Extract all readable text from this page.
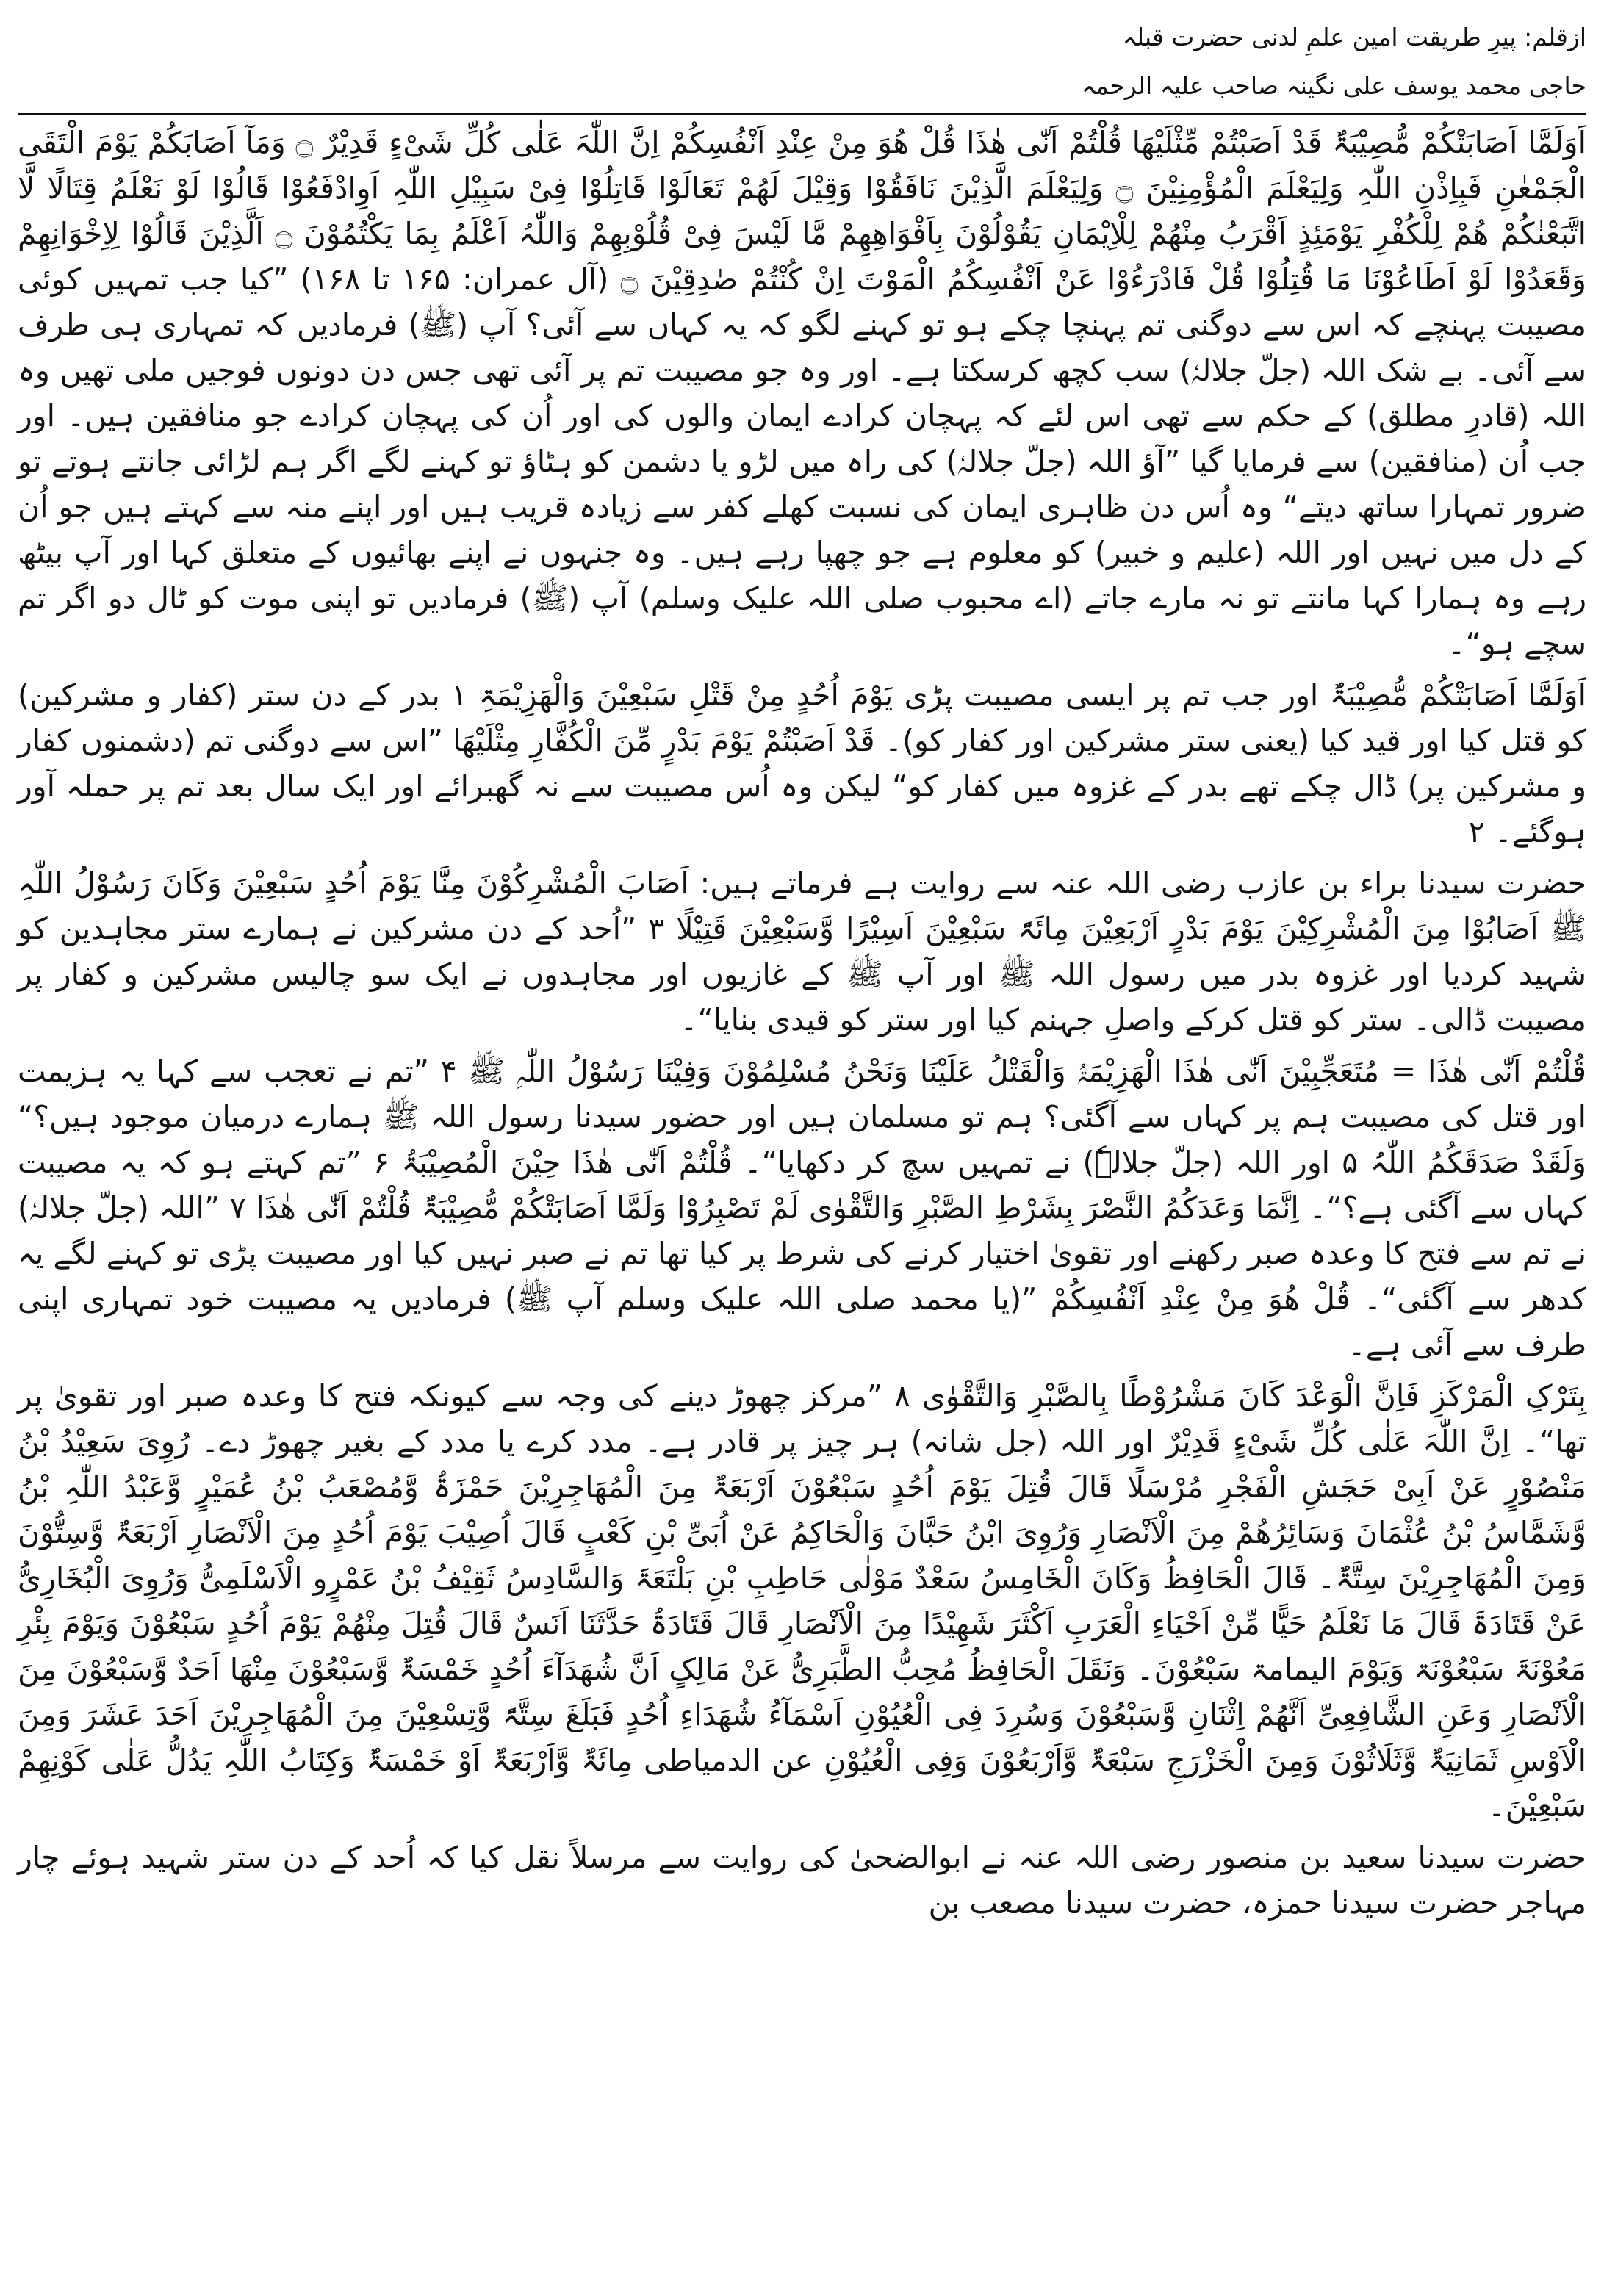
ازقلم: پیرِ طریقت امین علمِ لدنی حضرت قبلہ
حاجی محمد یوسف علی نگینہ صاحب علیہ الرحمہ

اَوَلَمَّا اَصَابَتْکُمْ مُّصِیْبَۃٌ قَدْ اَصَبْتُمْ مِّثْلَیْھَا قُلْتُمْ اَنّٰی ھٰذَا قُلْ ھُوَ مِنْ عِنْدِ اَنْفُسِکُمْ اِنَّ اللّٰہَ عَلٰی کُلِّ شَیْءٍ قَدِیْرٌ ۝ وَمَآ اَصَابَکُمْ یَوْمَ الْتَقَی الْجَمْعٰنِ فَبِاِذْنِ اللّٰہِ وَلِیَعْلَمَ الْمُؤْمِنِیْنَ ۝ وَلِیَعْلَمَ الَّذِیْنَ نَافَقُوْا وَقِیْلَ لَھُمْ تَعَالَوْا قَاتِلُوْا فِیْ سَبِیْلِ اللّٰہِ اَوِادْفَعُوْا قَالُوْا لَوْ نَعْلَمُ قِتَالًا لَّا اتَّبَعْنٰکُمْ ھُمْ لِلْکُفْرِ یَوْمَئِذٍ اَقْرَبُ مِنْھُمْ لِلْاِیْمَانِ یَقُوْلُوْنَ بِاَفْوَاھِھِمْ مَّا لَیْسَ فِیْ قُلُوْبِھِمْ وَاللّٰہُ اَعْلَمُ بِمَا یَکْتُمُوْنَ ۝ اَلَّذِیْنَ قَالُوْا لِاِخْوَانِھِمْ وَقَعَدُوْا لَوْ اَطَاعُوْنَا مَا قُتِلُوْا قُلْ فَادْرَءُوْا عَنْ اَنْفُسِکُمُ الْمَوْتَ اِنْ کُنْتُمْ صٰدِقِیْنَ ۝ (آل عمران: ۱۶۵ تا ۱۶۸) ”کیا جب تمہیں کوئی مصیبت پہنچے کہ اس سے دوگنی تم پہنچا چکے ہو تو کہنے لگو کہ یہ کہاں سے آئی؟ آپ (ﷺ) فرمادیں کہ تمہاری ہی طرف سے آئی۔ بے شک اللہ (جلّ جلالہٗ) سب کچھ کرسکتا ہے۔ اور وہ جو مصیبت تم پر آئی تھی جس دن دونوں فوجیں ملی تھیں وہ اللہ (قادرِ مطلق) کے حکم سے تھی اس لئے کہ پہچان کرادے ایمان والوں کی اور اُن کی پہچان کرادے جو منافقین ہیں۔ اور جب اُن (منافقین) سے فرمایا گیا ”آؤ اللہ (جلّ جلالہٗ) کی راہ میں لڑو یا دشمن کو ہٹاؤ تو کہنے لگے اگر ہم لڑائی جانتے ہوتے تو ضرور تمہارا ساتھ دیتے“ وہ اُس دن ظاہری ایمان کی نسبت کھلے کفر سے زیادہ قریب ہیں اور اپنے منہ سے کہتے ہیں جو اُن کے دل میں نہیں اور اللہ (علیم و خبیر) کو معلوم ہے جو چھپا رہے ہیں۔ وہ جنہوں نے اپنے بھائیوں کے متعلق کہا اور آپ بیٹھ رہے وہ ہمارا کہا مانتے تو نہ مارے جاتے (اے محبوب صلی اللہ علیک وسلم) آپ (ﷺ) فرمادیں تو اپنی موت کو ٹال دو اگر تم سچے ہو“۔

اَوَلَمَّا اَصَابَتْکُمْ مُّصِیْبَۃٌ اور جب تم پر ایسی مصیبت پڑی یَوْمَ اُحُدٍ مِنْ قَتْلِ سَبْعِیْنَ وَالْھَزِیْمَۃِ ۱ بدر کے دن ستر (کفار و مشرکین) کو قتل کیا اور قید کیا (یعنی ستر مشرکین اور کفار کو)۔ قَدْ اَصَبْتُمْ یَوْمَ بَدْرٍ مِّنَ الْکُفَّارِ مِثْلَیْھَا ”اس سے دوگنی تم (دشمنوں کفار و مشرکین پر) ڈال چکے تھے بدر کے غزوہ میں کفار کو“ لیکن وہ اُس مصیبت سے نہ گھبرائے اور ایک سال بعد تم پر حملہ آور ہوگئے۔ ۲

حضرت سیدنا براء بن عازب رضی اللہ عنہ سے روایت ہے فرماتے ہیں: اَصَابَ الْمُشْرِکُوْنَ مِنَّا یَوْمَ اُحُدٍ سَبْعِیْنَ وَکَانَ رَسُوْلُ اللّٰہِ ﷺ اَصَابُوْا مِنَ الْمُشْرِکِیْنَ یَوْمَ بَدْرٍ اَرْبَعِیْنَ مِائَۃً سَبْعِیْنَ اَسِیْرًا وَّسَبْعِیْنَ قَتِیْلًا ۳ ”اُحد کے دن مشرکین نے ہمارے ستر مجاہدین کو شہید کردیا اور غزوہ بدر میں رسول اللہ ﷺ اور آپ ﷺ کے غازیوں اور مجاہدوں نے ایک سو چالیس مشرکین و کفار پر مصیبت ڈالی۔ ستر کو قتل کرکے واصلِ جہنم کیا اور ستر کو قیدی بنایا“۔

قُلْتُمْ اَنّٰی ھٰذَا = مُتَعَجِّبِیْنَ اَنّٰی ھٰذَا الْھَزِیْمَۃُ وَالْقَتْلُ عَلَیْنَا وَنَحْنُ مُسْلِمُوْنَ وَفِیْنَا رَسُوْلُ اللّٰہِ ﷺ ۴ ”تم نے تعجب سے کہا یہ ہزیمت اور قتل کی مصیبت ہم پر کہاں سے آگئی؟ ہم تو مسلمان ہیں اور حضور سیدنا رسول اللہ ﷺ ہمارے درمیان موجود ہیں؟“ وَلَقَدْ صَدَقَکُمُ اللّٰہُ ۵ اور اللہ (جلّ جلالہٗ) نے تمہیں سچ کر دکھایا“۔ قُلْتُمْ اَنّٰی ھٰذَا حِیْنَ الْمُصِیْبَۃُ ۶ ”تم کہتے ہو کہ یہ مصیبت کہاں سے آگئی ہے؟“۔ اِنَّمَا وَعَدَکُمُ النَّصْرَ بِشَرْطِ الصَّبْرِ وَالتَّقْوٰی لَمْ تَصْبِرُوْا وَلَمَّا اَصَابَتْکُمْ مُّصِیْبَۃٌ قُلْتُمْ اَنّٰی ھٰذَا ۷ ”اللہ (جلّ جلالہٗ) نے تم سے فتح کا وعدہ صبر رکھنے اور تقویٰ اختیار کرنے کی شرط پر کیا تھا تم نے صبر نہیں کیا اور مصیبت پڑی تو کہنے لگے یہ کدھر سے آگئی“۔ قُلْ ھُوَ مِنْ عِنْدِ اَنْفُسِکُمْ ”(یا محمد صلی اللہ علیک وسلم آپ ﷺ) فرمادیں یہ مصیبت خود تمہاری اپنی طرف سے آئی ہے۔

بِتَرْکِ الْمَرْکَزِ فَاِنَّ الْوَعْدَ کَانَ مَشْرُوْطًا بِالصَّبْرِ وَالتَّقْوٰی ۸ ”مرکز چھوڑ دینے کی وجہ سے کیونکہ فتح کا وعدہ صبر اور تقویٰ پر تھا“۔ اِنَّ اللّٰہَ عَلٰی کُلِّ شَیْءٍ قَدِیْرٌ اور اللہ (جل شانہ) ہر چیز پر قادر ہے۔ مدد کرے یا مدد کے بغیر چھوڑ دے۔ رُوِیَ سَعِیْدُ بْنُ مَنْصُوْرٍ عَنْ اَبِیْ حَجَشِ الْفَجْرِ مُرْسَلًا قَالَ قُتِلَ یَوْمَ اُحُدٍ سَبْعُوْنَ اَرْبَعَۃٌ مِنَ الْمُھَاجِرِیْنَ حَمْزَۃُ وَّمُصْعَبُ بْنُ عُمَیْرٍ وَّعَبْدُ اللّٰہِ بْنُ وَّشَمَّاسُ بْنُ عُثْمَانَ وَسَائِرُھُمْ مِنَ الْاَنْصَارِ وَرُوِیَ ابْنُ حَبَّانَ وَالْحَاکِمُ عَنْ اُبَیِّ بْنِ کَعْبٍ قَالَ اُصِیْبَ یَوْمَ اُحُدٍ مِنَ الْاَنْصَارِ اَرْبَعَۃٌ وَّسِتُّوْنَ وَمِنَ الْمُھَاجِرِیْنَ سِتَّۃٌ۔ قَالَ الْحَافِظُ وَکَانَ الْخَامِسُ سَعْدٌ مَوْلٰی حَاطِبِ بْنِ بَلْتَعَۃَ وَالسَّادِسُ ثَقِیْفُ بْنُ عَمْرٍو الْاَسْلَمِیُّ وَرُوِیَ الْبُخَارِیُّ عَنْ قَتَادَۃَ قَالَ مَا نَعْلَمُ حَیًّا مِّنْ اَحْیَاءِ الْعَرَبِ اَکْثَرَ شَھِیْدًا مِنَ الْاَنْصَارِ قَالَ قَتَادَۃُ حَدَّثَنَا اَنَسٌ قَالَ قُتِلَ مِنْھُمْ یَوْمَ اُحُدٍ سَبْعُوْنَ وَیَوْمَ بِئْرِ مَعُوْنَۃَ سَبْعُوْنَۃ وَیَوْمَ الیمامۃ سَبْعُوْنَ۔ وَنَقَلَ الْحَافِظُ مُحِبُّ الطَّبَرِیُّ عَنْ مَالِکٍ اَنَّ شُھَدَآءَ اُحُدٍ خَمْسَۃٌ وَّسَبْعُوْنَ مِنْھَا اَحَدٌ وَّسَبْعُوْنَ مِنَ الْاَنْصَارِ وَعَنِ الشَّافِعِیِّ اَنَّھُمْ اِثْنَانِ وَّسَبْعُوْنَ وَسُرِدَ فِی الْعُیُوْنِ اَسْمَآءُ شُھَدَاءِ اُحُدٍ فَبَلَغَ سِتَّۃً وَّتِسْعِیْنَ مِنَ الْمُھَاجِرِیْنَ اَحَدَ عَشَرَ وَمِنَ الْاَوْسِ ثَمَانِیَۃٌ وَّثَلَاثُوْنَ وَمِنَ الْخَزْرَجِ سَبْعَۃٌ وَّاَرْبَعُوْنَ وَفِی الْعُیُوْنِ عن الدمیاطی مِائَۃٌ وَّاَرْبَعَۃٌ اَوْ خَمْسَۃٌ وَکِتَابُ اللّٰہِ یَدُلُّ عَلٰی کَوْنِھِمْ سَبْعِیْنَ۔

حضرت سیدنا سعید بن منصور رضی اللہ عنہ نے ابوالضحیٰ کی روایت سے مرسلاً نقل کیا کہ اُحد کے دن ستر شہید ہوئے چار مہاجر حضرت سیدنا حمزہ، حضرت سیدنا مصعب بن
